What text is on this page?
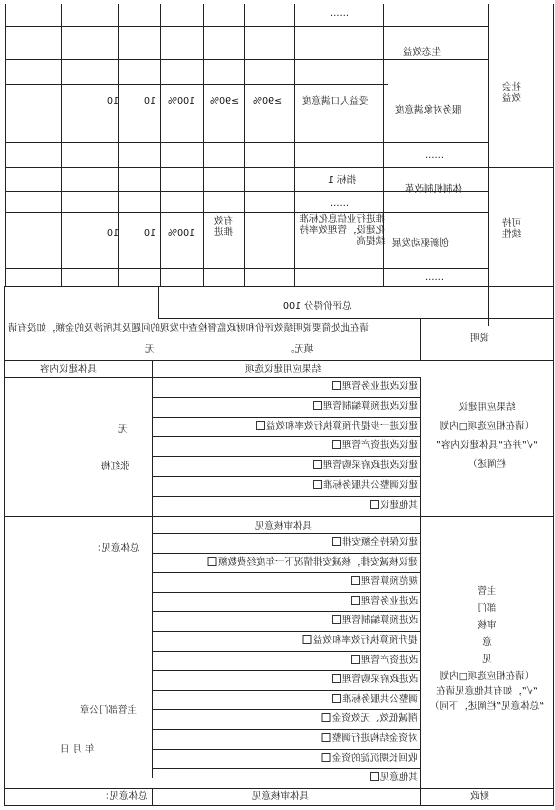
……
生态效益
服务对象满意度
受益人口满意度
≥90%
≥90%
100%
10
10
社会
效益
……
体制机制改革
指标 1
……
创新驱动发展
推进行业信息化标准化建设，管理效率持续提高
有效推进
100%
10
10
可持
续性
……
总评价得分 100
说明
请在此处简要说明绩效评价和财政监督检查中发现的问题及其所涉及的金额，如没有请
填无。
无
具体建议内容	结果应用建议选项
结果应用建议
（请在相应选项□内划
“√”并在“具体建议内容”
栏阐述）
建议改进业务管理
建议改进预算编制管理
建议进一步提升预算执行效率和效益
建议改进资产管理
建议改进政府采购管理
建议调整公共服务标准
其他建议
无
张红梅
具体审核意见
主管
部门
审核
意
见
（请在相应选项□内划
“√”，如有其他意见请在
“总体意见”栏阐述，下同）
建议保持全额安排
建议核减安排，核减安排情况下一年度经费数额
规范预算管理
改进业务管理
改进预算编制管理
提升预算执行效率和效益
改进资产管理
改进政府采购管理
调整公共服务标准
削减低效、无效资金
对资金结构进行调整
收回长期沉淀的资金
其他意见
总体意见：
主管部门公章
年 月 日
财政
具体审核意见
总体意见：
